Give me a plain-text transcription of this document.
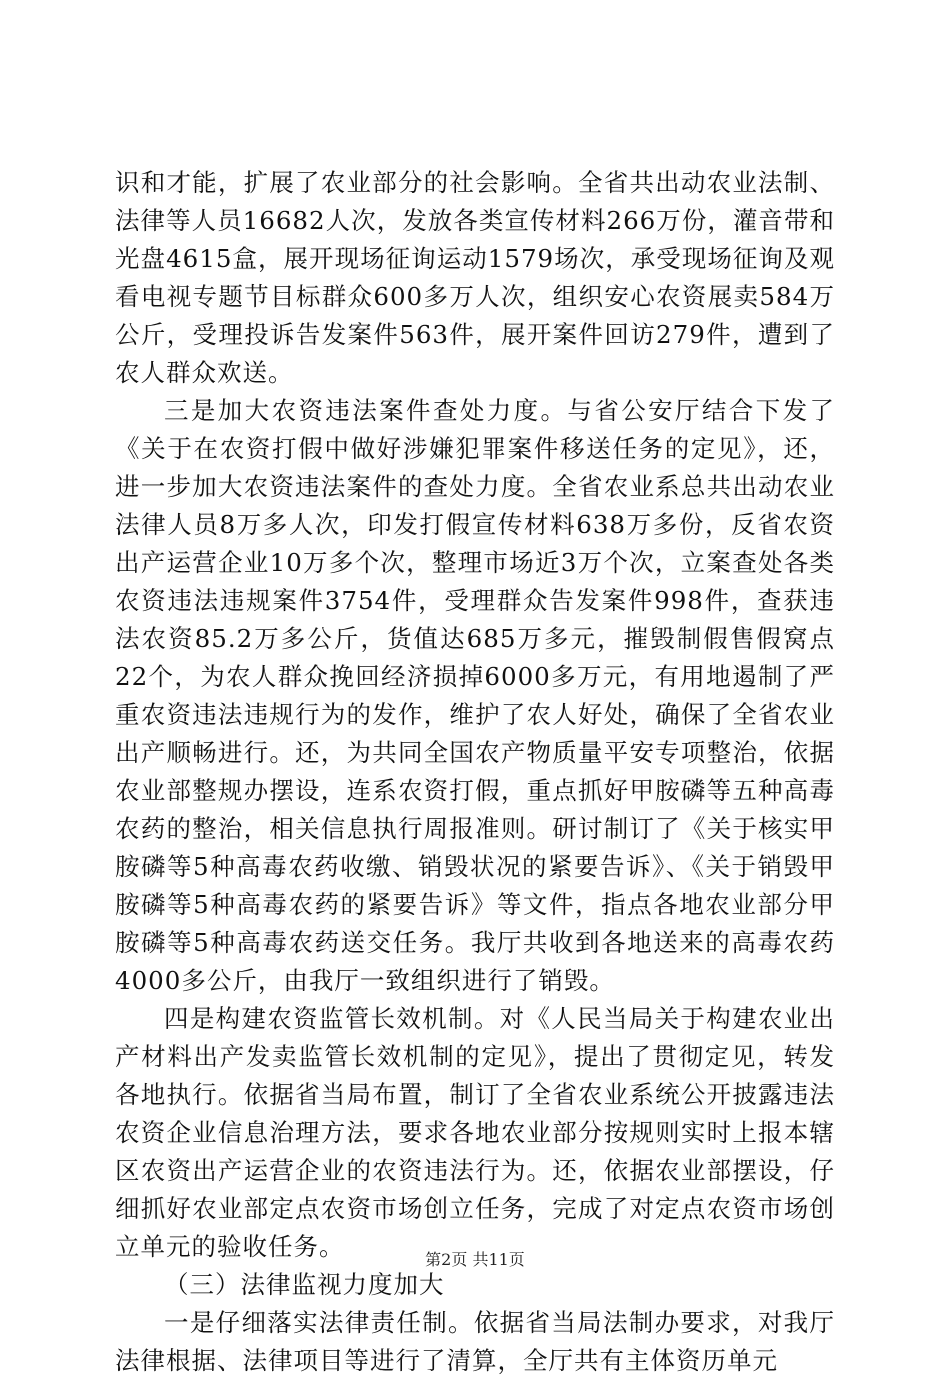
识和才能，扩展了农业部分的社会影响。全省共出动农业法制、法律等人员16682人次，发放各类宣传材料266万份，灌音带和光盘4615盒，展开现场征询运动1579场次，承受现场征询及观看电视专题节目标群众600多万人次，组织安心农资展卖584万公斤，受理投诉告发案件563件，展开案件回访279件，遭到了农人群众欢送。

三是加大农资违法案件查处力度。与省公安厅结合下发了《关于在农资打假中做好涉嫌犯罪案件移送任务的定见》，还，进一步加大农资违法案件的查处力度。全省农业系总共出动农业法律人员8万多人次，印发打假宣传材料638万多份，反省农资出产运营企业10万多个次，整理市场近3万个次，立案查处各类农资违法违规案件3754件，受理群众告发案件998件，查获违法农资85.2万多公斤，货值达685万多元，摧毁制假售假窝点22个，为农人群众挽回经济损掉6000多万元，有用地遏制了严重农资违法违规行为的发作，维护了农人好处，确保了全省农业出产顺畅进行。还，为共同全国农产物质量平安专项整治，依据农业部整规办摆设，连系农资打假，重点抓好甲胺磷等五种高毒农药的整治，相关信息执行周报准则。研讨制订了《关于核实甲胺磷等5种高毒农药收缴、销毁状况的紧要告诉》、《关于销毁甲胺磷等5种高毒农药的紧要告诉》等文件，指点各地农业部分甲胺磷等5种高毒农药送交任务。我厅共收到各地送来的高毒农药4000多公斤，由我厅一致组织进行了销毁。

四是构建农资监管长效机制。对《人民当局关于构建农业出产材料出产发卖监管长效机制的定见》，提出了贯彻定见，转发各地执行。依据省当局布置，制订了全省农业系统公开披露违法农资企业信息治理方法，要求各地农业部分按规则实时上报本辖区农资出产运营企业的农资违法行为。还，依据农业部摆设，仔细抓好农业部定点农资市场创立任务，完成了对定点农资市场创立单元的验收任务。

（三）法律监视力度加大

一是仔细落实法律责任制。依据省当局法制办要求，对我厅法律根据、法律项目等进行了清算，全厅共有主体资历单元

第2页 共11页
